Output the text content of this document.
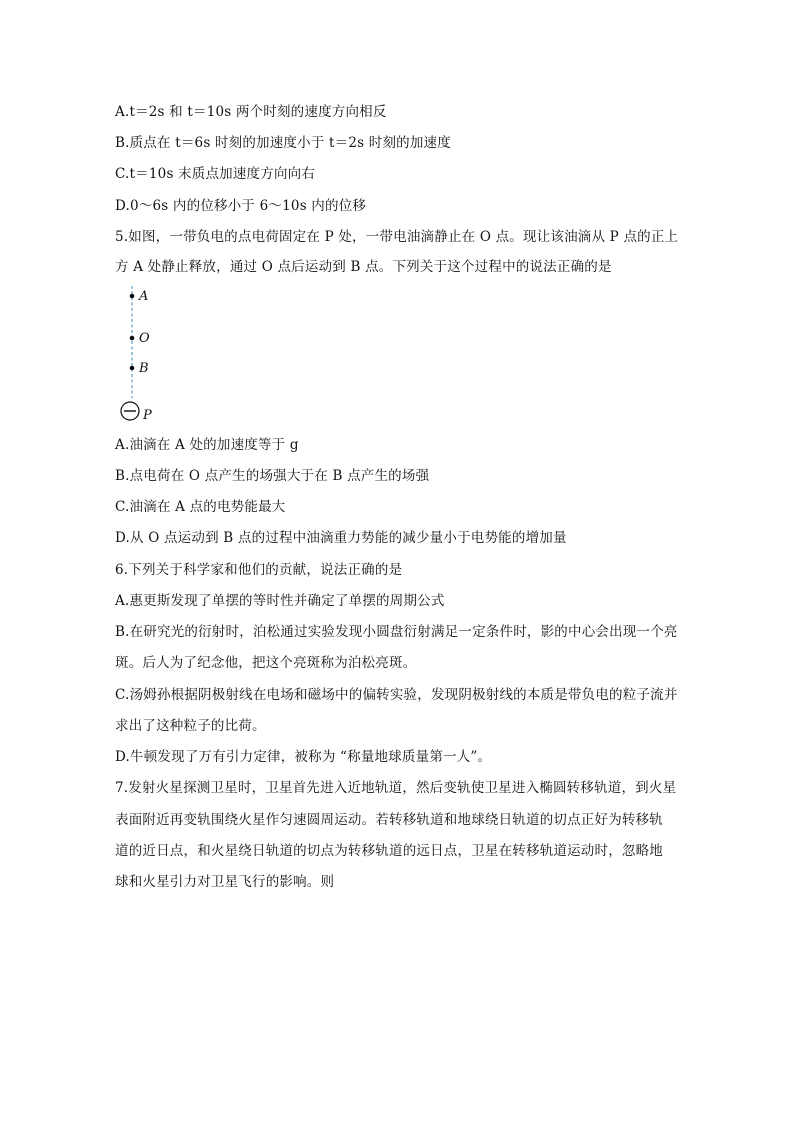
A.t＝2s 和 t＝10s 两个时刻的速度方向相反
B.质点在 t＝6s 时刻的加速度小于 t＝2s 时刻的加速度
C.t＝10s 末质点加速度方向向右
D.0～6s 内的位移小于 6～10s 内的位移
5.如图，一带负电的点电荷固定在 P 处，一带电油滴静止在 O 点。现让该油滴从 P 点的正上
方 A 处静止释放，通过 O 点后运动到 B 点。下列关于这个过程中的说法正确的是
A
O
B
P
A.油滴在 A 处的加速度等于 g
B.点电荷在 O 点产生的场强大于在 B 点产生的场强
C.油滴在 A 点的电势能最大
D.从 O 点运动到 B 点的过程中油滴重力势能的减少量小于电势能的增加量
6.下列关于科学家和他们的贡献，说法正确的是
A.惠更斯发现了单摆的等时性并确定了单摆的周期公式
B.在研究光的衍射时，泊松通过实验发现小圆盘衍射满足一定条件时，影的中心会出现一个亮
斑。后人为了纪念他，把这个亮斑称为泊松亮斑。
C.汤姆孙根据阴极射线在电场和磁场中的偏转实验，发现阴极射线的本质是带负电的粒子流并
求出了这种粒子的比荷。
D.牛顿发现了万有引力定律，被称为 “称量地球质量第一人”。
7.发射火星探测卫星时，卫星首先进入近地轨道，然后变轨使卫星进入椭圆转移轨道，到火星
表面附近再变轨围绕火星作匀速圆周运动。若转移轨道和地球绕日轨道的切点正好为转移轨
道的近日点，和火星绕日轨道的切点为转移轨道的远日点，卫星在转移轨道运动时，忽略地
球和火星引力对卫星飞行的影响。则
